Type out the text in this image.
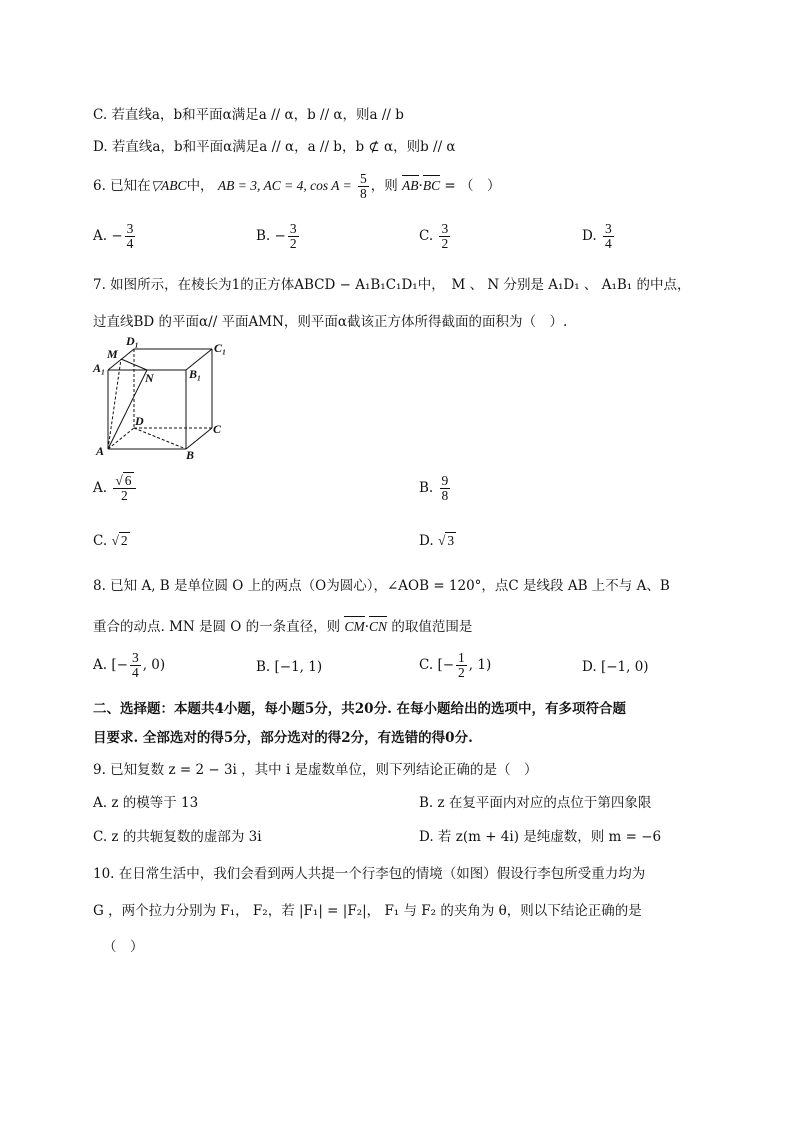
C. 若直线a，b和平面α满足a // α，b // α，则a // b
D. 若直线a，b和平面α满足a // α，a // b，b ⊄ α，则b // α
6. 已知在▽ABC中， AB = 3, AC = 4, $\cos A = \frac{5}{8}$ ，则 AB·BC = （　）
A. − $\frac{3}{4}$	B. − $\frac{3}{2}$	C. $\frac{3}{2}$	D. $\frac{3}{4}$
7. 如图所示，在棱长为1的正方体ABCD − A₁B₁C₁D₁中，　M 、 N 分别是 A₁D₁ 、 A₁B₁ 的中点，
过直线BD 的平面α// 平面AMN，则平面α截该正方体所得截面的面积为（　）.
D₁	C₁
M
A₁
N	B₁
D
C
A	B
A. $\frac{√ 6}{2}$	B. $\frac{9}{8}$
C. √ 2	D. √ 3
8. 已知 A, B 是单位圆 O 上的两点（O为圆心），∠AOB = 120°，点C 是线段 AB 上不与 A、B
重合的动点. MN 是圆 O 的一条直径，则 CM·CN 的取值范围是
A. [− $\frac{3}{4}$ , 0)	B. [−1, 1)	C. [− $\frac{1}{2}$ , 1)	D. [−1, 0)
二、选择题：本题共4小题，每小题5分，共20分. 在每小题给出的选项中，有多项符合题
目要求. 全部选对的得5分，部分选对的得2分，有选错的得0分.
9. 已知复数 z = 2 − 3i ，其中 i 是虚数单位，则下列结论正确的是（　）
A. z 的模等于 13	B. z 在复平面内对应的点位于第四象限
C. z 的共轭复数的虚部为 3i	D. 若 z(m + 4i) 是纯虚数，则 m = −6
10. 在日常生活中，我们会看到两人共提一个行李包的情境（如图）假设行李包所受重力均为
G ，两个拉力分别为 F₁， F₂，若 |F₁| = |F₂|， F₁ 与 F₂ 的夹角为 θ，则以下结论正确的是
（　）
